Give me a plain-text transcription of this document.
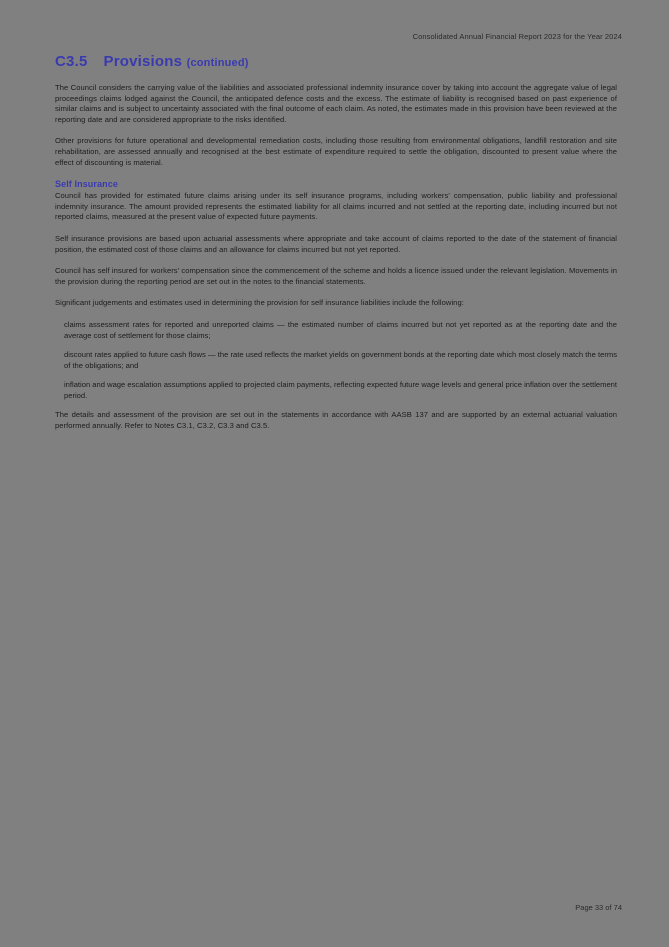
Consolidated Annual Financial Report 2023 for the Year 2024
C3.5 Provisions (continued)

The Council considers the carrying value of the liabilities and associated professional indemnity insurance cover by taking into account the aggregate value of legal proceedings claims lodged against the Council, the anticipated defence costs and the excess. The estimate of liability is recognised based on past experience of similar claims and is subject to uncertainty associated with the final outcome of each claim. As noted, the estimates made in this provision have been reviewed at the reporting date and are considered appropriate to the risks identified.

Other provisions for future operational and developmental remediation costs, including those resulting from environmental obligations, landfill restoration and site rehabilitation, are assessed annually and recognised at the best estimate of expenditure required to settle the obligation, discounted to present value where the effect of discounting is material.

Self Insurance

Council has provided for estimated future claims arising under its self insurance programs, including workers' compensation, public liability and professional indemnity insurance. The amount provided represents the estimated liability for all claims incurred and not settled at the reporting date, including incurred but not reported claims, measured at the present value of expected future payments.

Self insurance provisions are based upon actuarial assessments where appropriate and take account of claims reported to the date of the statement of financial position, the estimated cost of those claims and an allowance for claims incurred but not yet reported.

Council has self insured for workers' compensation since the commencement of the scheme and holds a licence issued under the relevant legislation. Movements in the provision during the reporting period are set out in the notes to the financial statements.

Significant judgements and estimates used in determining the provision for self insurance liabilities include the following:

claims assessment rates for reported and unreported claims — the estimated number of claims incurred but not yet reported as at the reporting date and the average cost of settlement for those claims;

discount rates applied to future cash flows — the rate used reflects the market yields on government bonds at the reporting date which most closely match the terms of the obligations; and

inflation and wage escalation assumptions applied to projected claim payments, reflecting expected future wage levels and general price inflation over the settlement period.

The details and assessment of the provision are set out in the statements in accordance with AASB 137 and are supported by an external actuarial valuation performed annually. Refer to Notes C3.1, C3.2, C3.3 and C3.5.

Page 33 of 74
